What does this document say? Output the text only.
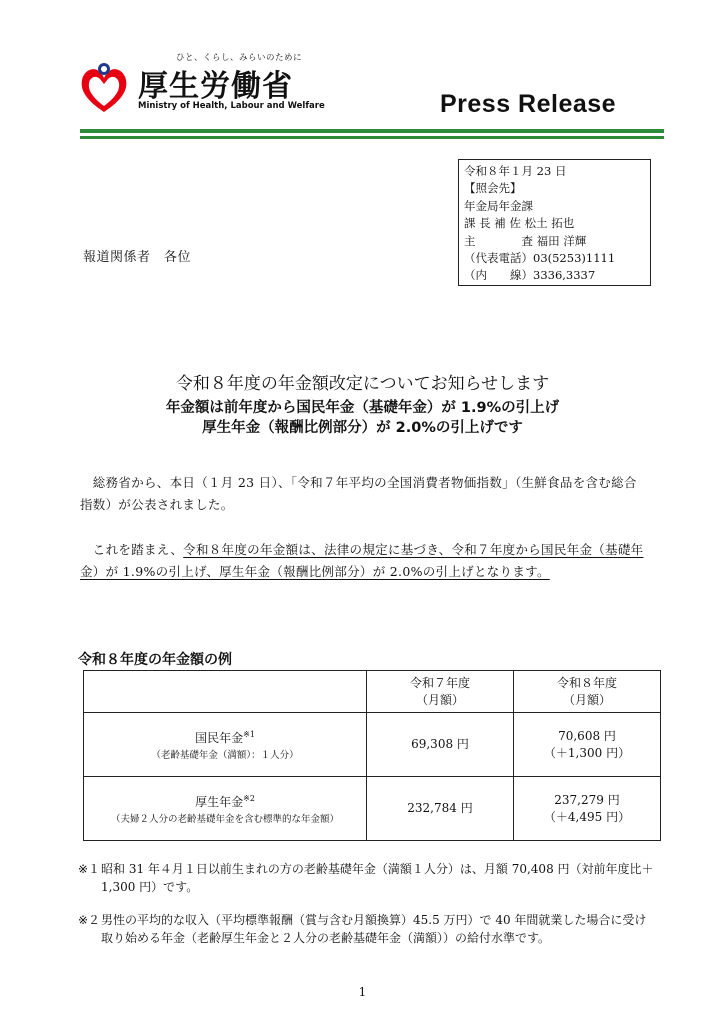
ひと、くらし、みらいのために
厚生労働省
Ministry of Health, Labour and Welfare	Press Release
令和８年１月 23 日
【照会先】
年金局年金課
課 長 補 佐 松土 拓也
主　　　　査 福田 洋輝
（代表電話）03(5253)1111
（内　　線）3336,3337
報道関係者　各位
令和８年度の年金額改定についてお知らせします
年金額は前年度から国民年金（基礎年金）が 1.9%の引上げ
厚生年金（報酬比例部分）が 2.0%の引上げです
　総務省から、本日（１月 23 日）、「令和７年平均の全国消費者物価指数」（生鮮食品を含む総合指数）が公表されました。
　これを踏まえ、令和８年度の年金額は、法律の規定に基づき、令和７年度から国民年金（基礎年金）が 1.9%の引上げ、厚生年金（報酬比例部分）が 2.0%の引上げとなります。
令和８年度の年金額の例
	令和７年度
（月額）	令和８年度
（月額）
国民年金$^{※1}$
（老齢基礎年金（満額）：１人分）	69,308 円	70,608 円
（＋1,300 円）
厚生年金$^{※2}$
（夫婦２人分の老齢基礎年金を含む標準的な年金額）	232,784 円	237,279 円
（＋4,495 円）
※１ 昭和 31 年４月１日以前生まれの方の老齢基礎年金（満額１人分）は、月額 70,408 円（対前年度比＋1,300 円）です。
※２ 男性の平均的な収入（平均標準報酬（賞与含む月額換算）45.5 万円）で 40 年間就業した場合に受け取り始める年金（老齢厚生年金と２人分の老齢基礎年金（満額））の給付水準です。
1
